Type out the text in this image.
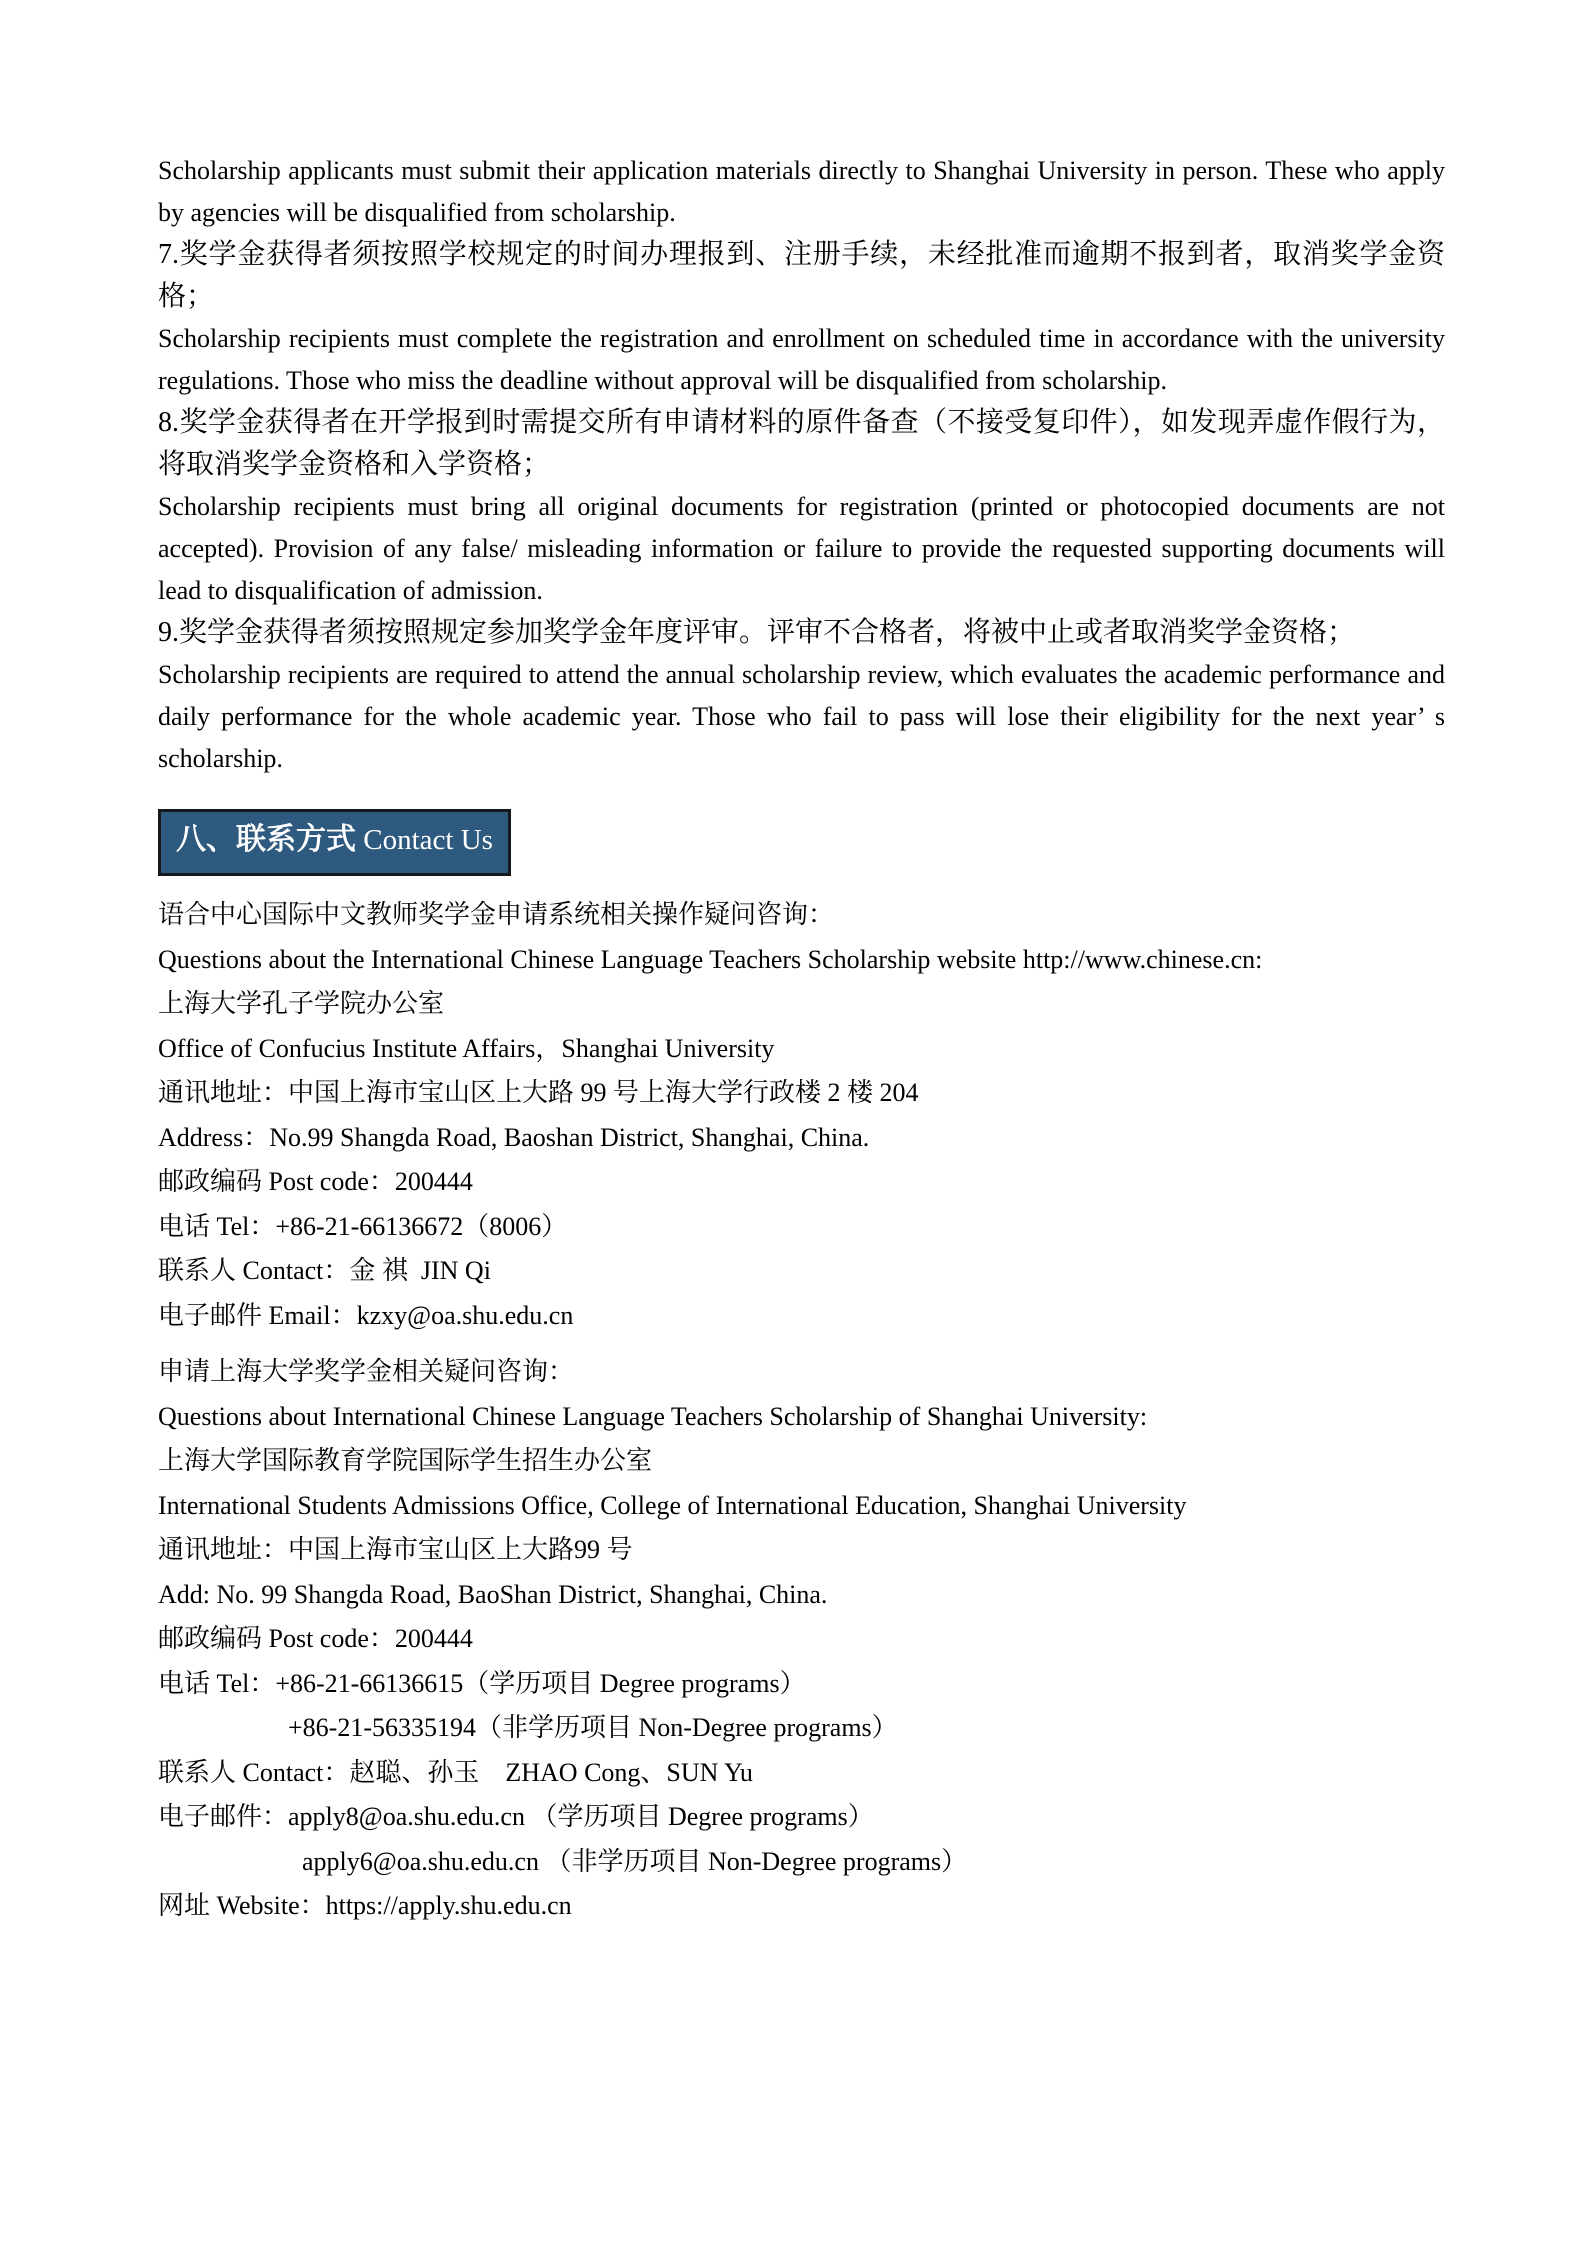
Scholarship applicants must submit their application materials directly to Shanghai University in person. These who apply by agencies will be disqualified from scholarship.

7.奖学金获得者须按照学校规定的时间办理报到、注册手续，未经批准而逾期不报到者，取消奖学金资格；

Scholarship recipients must complete the registration and enrollment on scheduled time in accordance with the university regulations. Those who miss the deadline without approval will be disqualified from scholarship.

8.奖学金获得者在开学报到时需提交所有申请材料的原件备查（不接受复印件），如发现弄虚作假行为，将取消奖学金资格和入学资格；

Scholarship recipients must bring all original documents for registration (printed or photocopied documents are not accepted). Provision of any false/ misleading information or failure to provide the requested supporting documents will lead to disqualification of admission.

9.奖学金获得者须按照规定参加奖学金年度评审。评审不合格者，将被中止或者取消奖学金资格；

Scholarship recipients are required to attend the annual scholarship review, which evaluates the academic performance and daily performance for the whole academic year. Those who fail to pass will lose their eligibility for the next year’ s scholarship.

八、联系方式 Contact Us

语合中心国际中文教师奖学金申请系统相关操作疑问咨询：

Questions about the International Chinese Language Teachers Scholarship website http://www.chinese.cn:

上海大学孔子学院办公室

Office of Confucius Institute Affairs，Shanghai University

通讯地址：中国上海市宝山区上大路 99 号上海大学行政楼 2 楼 204

Address：No.99 Shangda Road, Baoshan District, Shanghai, China.

邮政编码 Post code：200444

电话 Tel：+86-21-66136672（8006）

联系人 Contact：金 祺  JIN Qi

电子邮件 Email：kzxy@oa.shu.edu.cn

申请上海大学奖学金相关疑问咨询：

Questions about International Chinese Language Teachers Scholarship of Shanghai University:

上海大学国际教育学院国际学生招生办公室

International Students Admissions Office, College of International Education, Shanghai University

通讯地址：中国上海市宝山区上大路99 号

Add: No. 99 Shangda Road, BaoShan District, Shanghai, China.

邮政编码 Post code：200444

电话 Tel：+86-21-66136615（学历项目 Degree programs）

+86-21-56335194（非学历项目 Non-Degree programs）

联系人 Contact：赵聪、孙玉　ZHAO Cong、SUN Yu

电子邮件：apply8@oa.shu.edu.cn （学历项目 Degree programs）

apply6@oa.shu.edu.cn （非学历项目 Non-Degree programs）

网址 Website：https://apply.shu.edu.cn
